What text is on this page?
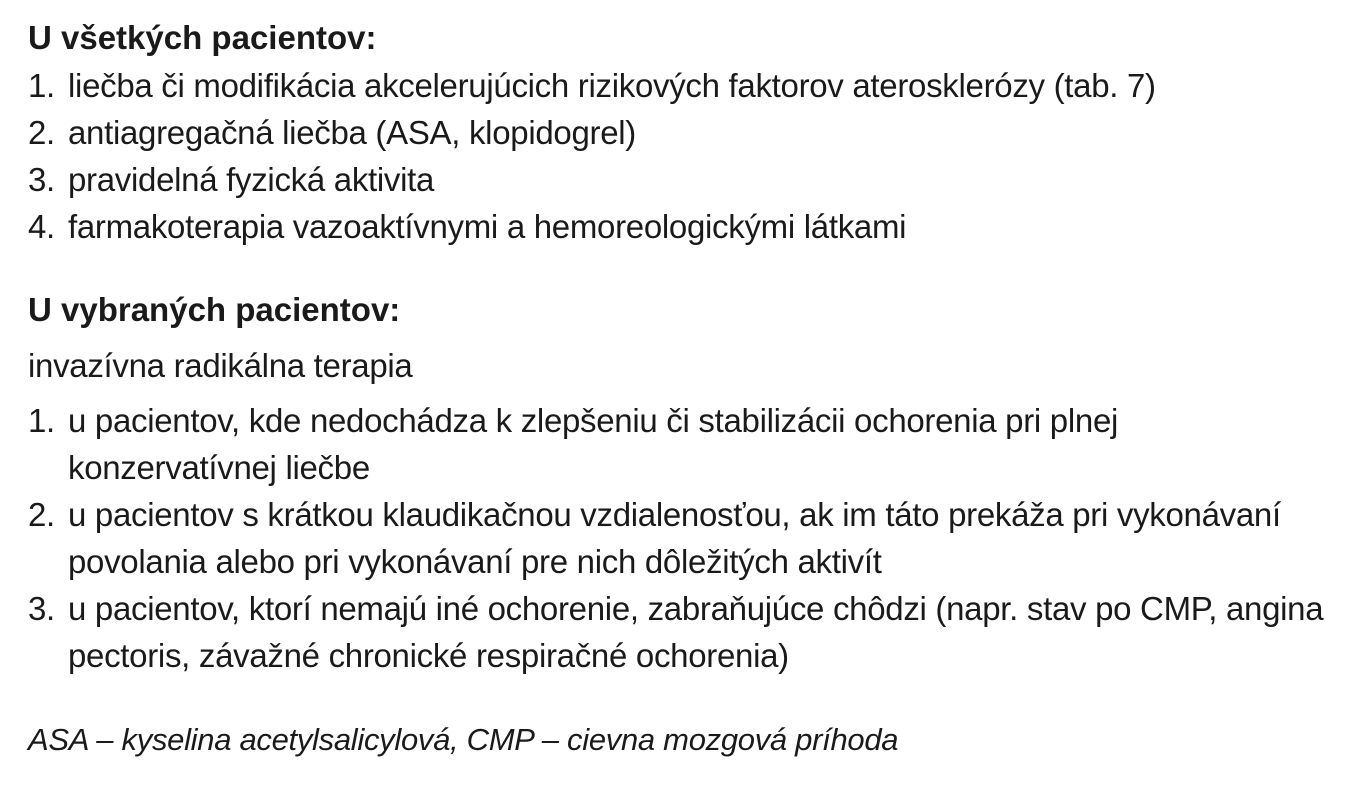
U všetkých pacientov:

1. liečba či modifikácia akcelerujúcich rizikových faktorov aterosklerózy (tab. 7)
2. antiagregačná liečba (ASA, klopidogrel)
3. pravidelná fyzická aktivita
4. farmakoterapia vazoaktívnymi a hemoreologickými látkami

U vybraných pacientov:

invazívna radikálna terapia
1. u pacientov, kde nedochádza k zlepšeniu či stabilizácii ochorenia pri plnej konzervatívnej liečbe
2. u pacientov s krátkou klaudikačnou vzdialenosťou, ak im táto prekáža pri vykonávaní povolania alebo pri vykonávaní pre nich dôležitých aktivít
3. u pacientov, ktorí nemajú iné ochorenie, zabraňujúce chôdzi (napr. stav po CMP, angina pectoris, závažné chronické respiračné ochorenia)
ASA – kyselina acetylsalicylová, CMP – cievna mozgová príhoda
